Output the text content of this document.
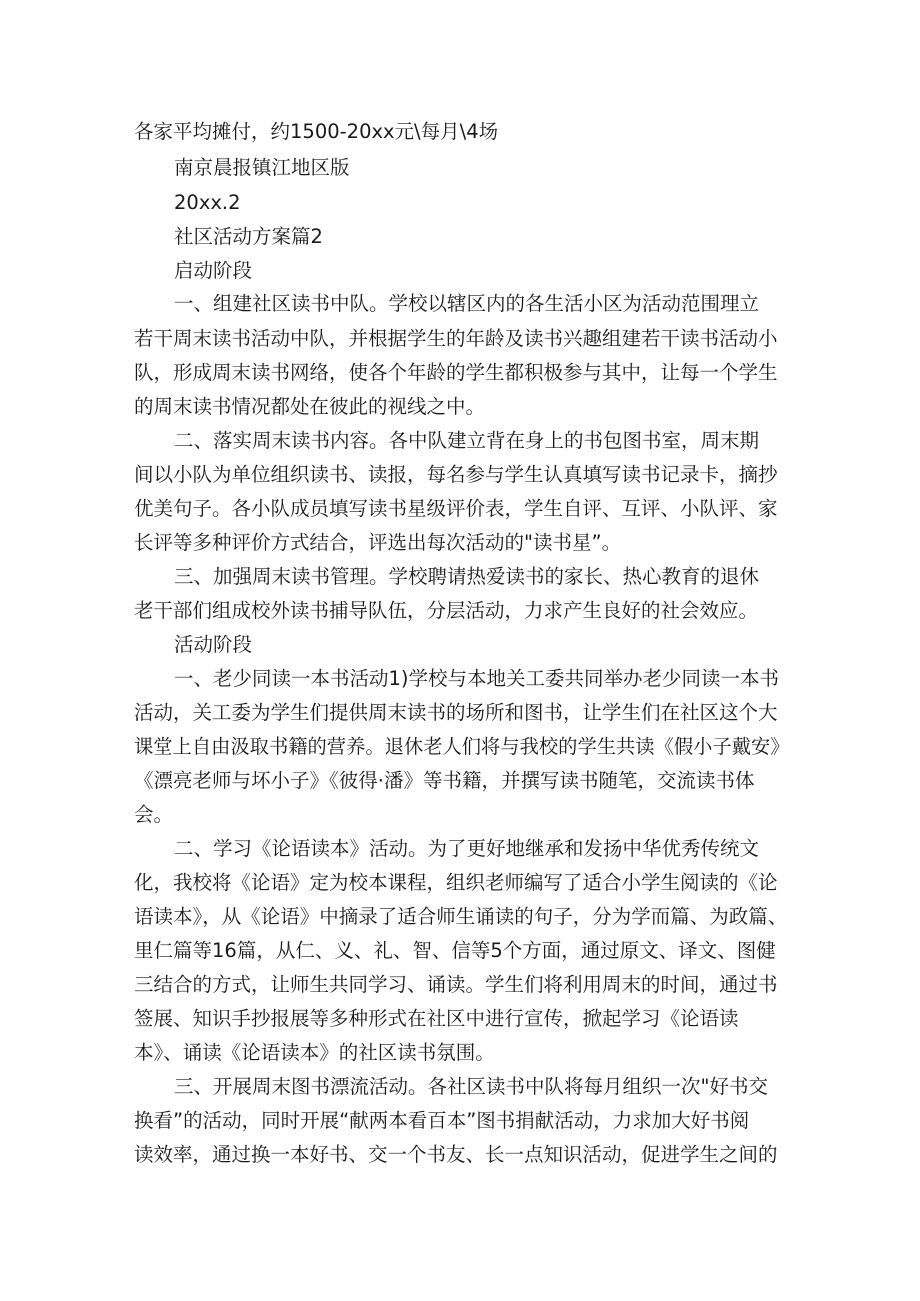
各家平均摊付，约1500-20xx元\每月\4场

南京晨报镇江地区版

20xx.2

社区活动方案篇2

启动阶段

一、组建社区读书中队。学校以辖区内的各生活小区为活动范围理立

若干周末读书活动中队，并根据学生的年龄及读书兴趣组建若干读书活动小

队，形成周末读书网络，使各个年龄的学生都积极参与其中，让每一个学生

的周末读书情况都处在彼此的视线之中。

二、落实周末读书内容。各中队建立背在身上的书包图书室，周末期

间以小队为单位组织读书、读报，每名参与学生认真填写读书记录卡，摘抄

优美句子。各小队成员填写读书星级评价表，学生自评、互评、小队评、家

长评等多种评价方式结合，评选出每次活动的"读书星”。

三、加强周末读书管理。学校聘请热爱读书的家长、热心教育的退休

老干部们组成校外读书捕导队伍，分层活动，力求产生良好的社会效应。

活动阶段

一、老少同读一本书活动1)学校与本地关工委共同举办老少同读一本书

活动，关工委为学生们提供周末读书的场所和图书，让学生们在社区这个大

课堂上自由汲取书籍的营养。退休老人们将与我校的学生共读《假小子戴安》

《漂亮老师与坏小子》《彼得·潘》等书籍，并撰写读书随笔，交流读书体

会。

二、学习《论语读本》活动。为了更好地继承和发扬中华优秀传统文

化，我校将《论语》定为校本课程，组织老师编写了适合小学生阅读的《论

语读本》，从《论语》中摘录了适合师生诵读的句子，分为学而篇、为政篇、

里仁篇等16篇，从仁、义、礼、智、信等5个方面，通过原文、译文、图健

三结合的方式，让师生共同学习、诵读。学生们将利用周末的时间，通过书

签展、知识手抄报展等多种形式在社区中进行宣传，掀起学习《论语读

本》、诵读《论语读本》的社区读书氛围。

三、开展周末图书漂流活动。各社区读书中队将每月组织一次"好书交

换看”的活动，同时开展“献两本看百本”图书捐献活动，力求加大好书阅

读效率，通过换一本好书、交一个书友、长一点知识活动，促进学生之间的
